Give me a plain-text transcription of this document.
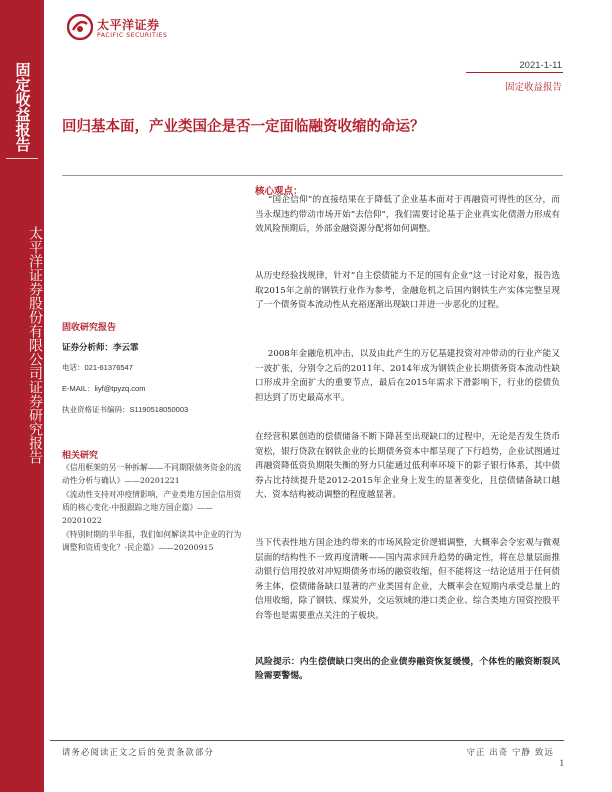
固定收益报告
太平洋证券股份有限公司证券研究报告
太平洋证券
PACIFIC SECURITIES
2021-1-11
固定收益报告
回归基本面，产业类国企是否一定面临融资收缩的命运？
固收研究报告
证券分析师：李云霏
电话：021-61376547
E-MAIL：liyf@tpyzq.com
执业资格证书编码：S1190518050003
相关研究
《信用框架的另一种拆解——不同期限债务资金的流动性分析与确认》——20201221
《流动性支持对冲疫情影响，产业类地方国企信用资质的核心变化-中报跟踪之地方国企篇》——20201022
《特别时期的半年报，我们如何解读其中企业的行为调整和资质变化？-民企篇》——20200915
核心观点：

“国企信仰”的直接结果在于降低了企业基本面对于再融资可得性的区分，而当永煤违约带动市场开始“去信仰”，我们需要讨论基于企业真实化债潜力形成有效风险预期后，外部金融资源分配将如何调整。

从历史经验找规律，针对“自主偿债能力不足的国有企业”这一讨论对象，报告选取2015年之前的钢铁行业作为参考，金融危机之后国内钢铁生产实体完整呈现了一个债务资本流动性从充裕逐渐出现缺口并进一步恶化的过程。

2008年金融危机冲击，以及由此产生的万亿基建投资对冲带动的行业产能又一波扩张，分别令之后的2011年、2014年成为钢铁企业长期债务资本流动性缺口形成并全面扩大的重要节点，最后在2015年需求下滑影响下，行业的偿债负担达到了历史最高水平。

在经营积累创造的偿债储备不断下降甚至出现缺口的过程中，无论是否发生货币宽松，银行贷款在钢铁企业的长期债务资本中都呈现了下行趋势，企业试图通过再融资降低资负期限失衡的努力只能通过低利率环境下的影子银行体系，其中债券占比持续提升是2012-2015年企业身上发生的显著变化，且偿债储备缺口越大、资本结构被动调整的程度越显著。

当下代表性地方国企违约带来的市场风险定价逻辑调整，大概率会令宏观与微观层面的结构性不一致再度清晰——国内需求回升趋势的确定性，将在总量层面推动银行信用投放对冲短期债务市场的融资收缩，但不能将这一结论适用于任何债务主体，偿债储备缺口显著的产业类国有企业，大概率会在短期内承受总量上的信用收缩，除了钢铁、煤炭外，交运领域的港口类企业、综合类地方国资控股平台等也是需要重点关注的子板块。

风险提示：内生偿债缺口突出的企业债券融资恢复缓慢，个体性的融资断裂风险需要警惕。

请务必阅读正文之后的免责条款部分	守正 出奇 宁静 致远
1
